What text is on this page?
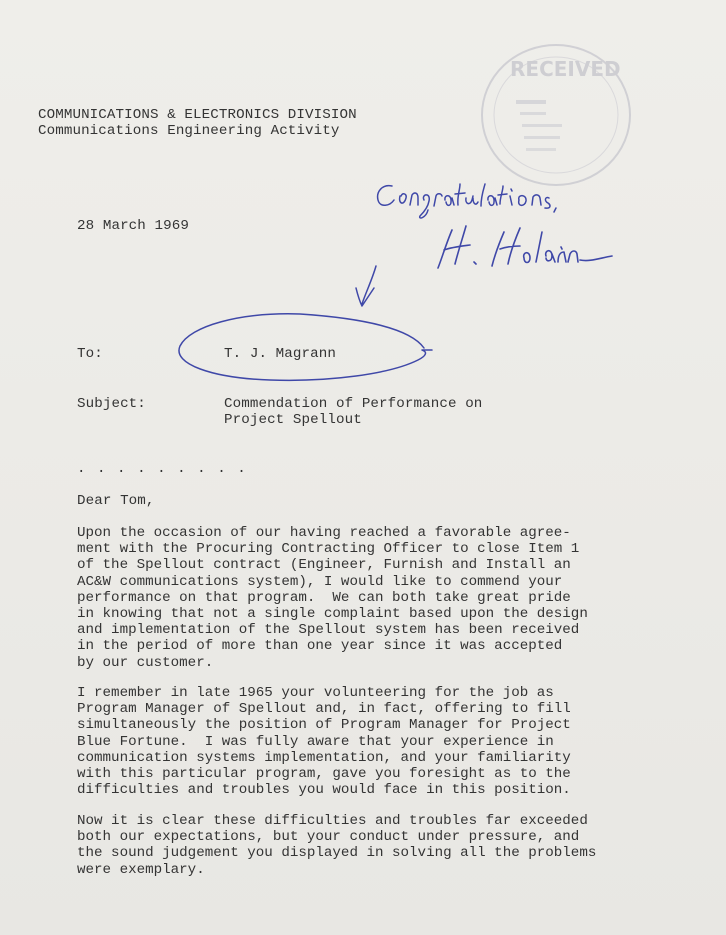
RECEIVED
COMMUNICATIONS & ELECTRONICS DIVISION
Communications Engineering Activity
28 March 1969
To:	T. J. Magrann
Subject:	Commendation of Performance on
Project Spellout
. . . . . . . . .
Dear Tom,
Upon the occasion of our having reached a favorable agree-
ment with the Procuring Contracting Officer to close Item 1
of the Spellout contract (Engineer, Furnish and Install an
AC&W communications system), I would like to commend your
performance on that program.  We can both take great pride
in knowing that not a single complaint based upon the design
and implementation of the Spellout system has been received
in the period of more than one year since it was accepted
by our customer.
I remember in late 1965 your volunteering for the job as
Program Manager of Spellout and, in fact, offering to fill
simultaneously the position of Program Manager for Project
Blue Fortune.  I was fully aware that your experience in
communication systems implementation, and your familiarity
with this particular program, gave you foresight as to the
difficulties and troubles you would face in this position.
Now it is clear these difficulties and troubles far exceeded
both our expectations, but your conduct under pressure, and
the sound judgement you displayed in solving all the problems
were exemplary.
